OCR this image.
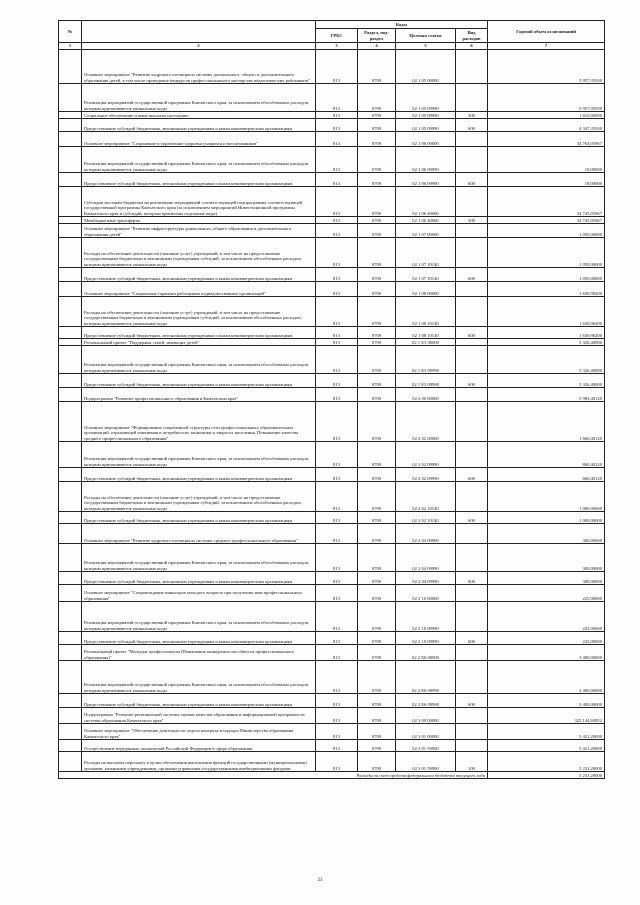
№		Коды				Годовой объем ассигнований
		ГРБС	Раздел, под-раздел	Целевая статья	Вид расходов	
1	2	3	4	5	6	7
	Основное мероприятие "Развитие кадрового потенциала системы дошкольного, общего и дополнительного образования детей, в том числе проведение конкурсов профессионального мастерства педагогических работников"	813	0709	02 1 05 00000		5 957,35930
	Реализация мероприятий государственной программы Камчатского края, за исключением обособленных расходов, которым присваиваются уникальные коды	813	0709	02 1 05 09990		5 957,35930
	Социальное обеспечение и иные выплаты населению	813	0709	02 1 05 09990	300	1 610,00000
	Предоставление субсидий бюджетным, автономным учреждениям и иным некоммерческим организациям	813	0709	02 1 05 09990	600	4 347,35930
	Основное мероприятие "Сохранение и укрепление здоровья учащихся и воспитанников"	813	0709	02 1 06 00000		34 763,05967
	Реализация мероприятий государственной программы Камчатского края, за исключением обособленных расходов, которым присваиваются уникальные коды	813	0709	02 1 06 09990		18,00000
	Предоставление субсидий бюджетным, автономным учреждениям и иным некоммерческим организациям	813	0709	02 1 06 09990	600	18,00000
	Субсидии местным бюджетам на реализацию мероприятий соответствующей подпрограммы соответствующей государственной программы Камчатского края (за исключением мероприятий Инвестиционной программы Камчатского края и субсидий, которым присвоены отдельные коды)	813	0709	02 1 06 40060		34 745,05967
	Межбюджетные трансферты	813	0709	02 1 06 40060	500	34 745,05967
	Основное мероприятие "Развитие инфраструктуры дошкольного, общего образования и дополнительного образования детей"	813	0709	02 1 07 00000		1 050,00000
	Расходы на обеспечение деятельности (оказание услуг) учреждений, в том числе на предоставление государственным бюджетным и автономным учреждениям субсидий, за исключением обособленных расходов, которым присваиваются уникальные коды	813	0709	02 1 07 10140		1 050,00000
	Предоставление субсидий бюджетным, автономным учреждениям и иным некоммерческим организациям	813	0709	02 1 07 10140	600	1 050,00000
	Основное мероприятие "Социальные гарантии работникам подведомственных организаций"	813	0709	02 1 08 00000		1 630,90200
	Расходы на обеспечение деятельности (оказание услуг) учреждений, в том числе на предоставление государственным бюджетным и автономным учреждениям субсидий, за исключением обособленных расходов, которым присваиваются уникальные коды	813	0709	02 1 08 10140		1 630,90200
	Предоставление субсидий бюджетным, автономным учреждениям и иным некоммерческим организациям	813	0709	02 1 08 10140	600	1 630,90200
	Региональный проект "Поддержка семей, имеющих детей"	813	0709	02 1 E3 00000		5 326,40000
	Реализация мероприятий государственной программы Камчатского края, за исключением обособленных расходов, которым присваиваются уникальные коды	813	0709	02 1 E3 09990		5 326,40000
	Предоставление субсидий бюджетным, автономным учреждениям и иным некоммерческим организациям	813	0709	02 1 E3 09990	600	5 326,40000
	Подпрограмма "Развитие профессионального образования в Камчатском крае"	813	0709	02 2 00 00000		5 983,40120
	Основное мероприятие "Формирование современной структуры сети профессиональных образовательных организаций, отражающей изменения в потребностях экономики и запросах населения. Повышение качества среднего профессионального образования"	813	0709	02 2 02 00000		1 860,40120
	Реализация мероприятий государственной программы Камчатского края, за исключением обособленных расходов, которым присваиваются уникальные коды	813	0709	02 2 02 09990		860,40120
	Предоставление субсидий бюджетным, автономным учреждениям и иным некоммерческим организациям	813	0709	02 2 02 09990	600	860,40120
	Расходы на обеспечение деятельности (оказание услуг) учреждений, в том числе на предоставление государственным бюджетным и автономным учреждениям субсидий, за исключением обособленных расходов, которым присваиваются уникальные коды	813	0709	02 2 02 10140		1 000,00000
	Предоставление субсидий бюджетным, автономным учреждениям и иным некоммерческим организациям	813	0709	02 2 02 10140	600	1 000,00000
	Основное мероприятие "Развитие кадрового потенциала системы среднего профессионального образования"	813	0709	02 2 04 00000		300,00000
	Реализация мероприятий государственной программы Камчатского края, за исключением обособленных расходов, которым присваиваются уникальные коды	813	0709	02 2 04 09990		300,00000
	Предоставление субсидий бюджетным, автономным учреждениям и иным некоммерческим организациям	813	0709	02 2 04 09990	600	300,00000
	Основное мероприятие "Сопровождение инвалидов молодого возраста при получении ими профессионального образования"	813	0709	02 2 10 00000		225,00000
	Реализация мероприятий государственной программы Камчатского края, за исключением обособленных расходов, которым присваиваются уникальные коды	813	0709	02 2 10 09990		225,00000
	Предоставление субсидий бюджетным, автономным учреждениям и иным некоммерческим организациям	813	0709	02 2 10 09990	600	225,00000
	Региональный проект "Молодые профессионалы (Повышение конкурентоспособности профессионального образования)"	813	0709	02 2 E6 00000		3 400,00000
	Реализация мероприятий государственной программы Камчатского края, за исключением обособленных расходов, которым присваиваются уникальные коды	813	0709	02 2 E6 09990		3 400,00000
	Предоставление субсидий бюджетным, автономным учреждениям и иным некоммерческим организациям	813	0709	02 2 E6 09990	600	3 400,00000
	Подпрограмма "Развитие региональной системы оценки качества образования и информационной прозрачности системы образования Камчатского края"	813	0709	02 3 00 00000		322 144,84952
	Основное мероприятие "Обеспечение деятельности отдела контроля и надзора Министерства образования Камчатского края"	813	0709	02 3 01 00000		5 421,20000
	Осуществление переданных полномочий Российской Федерации в сфере образования	813	0709	02 3 01 59900		5 421,20000
	Расходы на выплаты персоналу в целях обеспечения выполнения функций государственными (муниципальными) органами, казенными учреждениями, органами управления государственными внебюджетными фондами	813	0709	02 3 01 59900	100	5 231,20000
Расходы за счет средств федерального бюджета текущего года						5 231,20000
23
